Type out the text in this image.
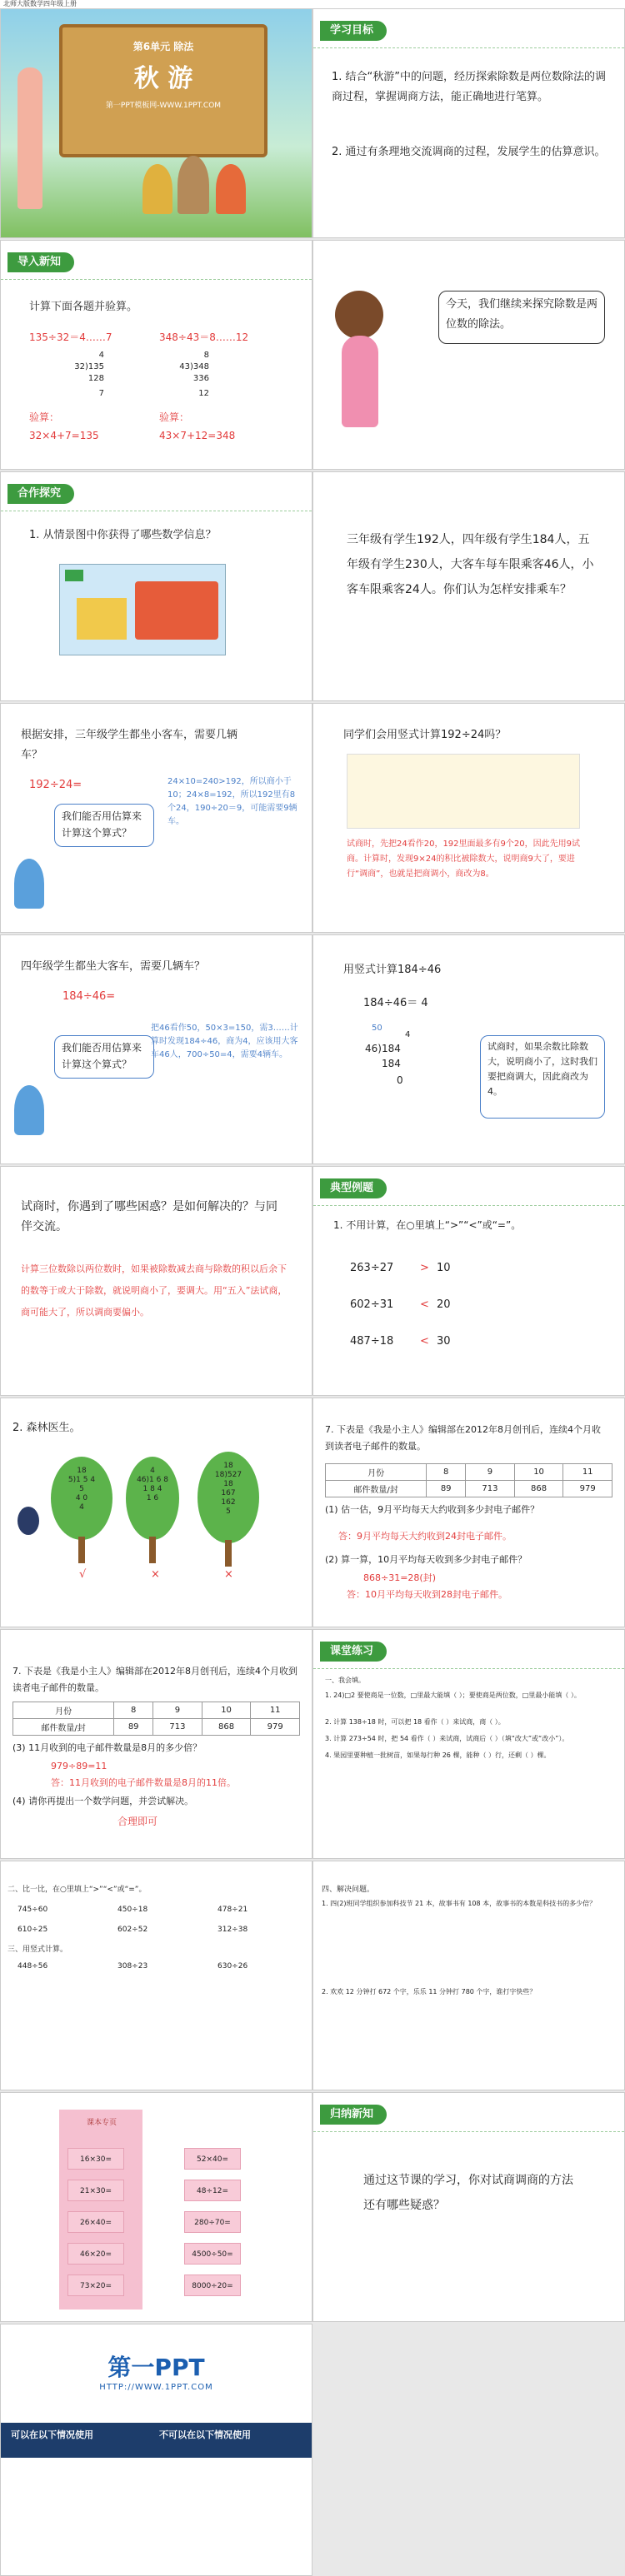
北师大版数学四年级上册
第6单元 除法
秋 游
第一PPT模板网-WWW.1PPT.COM
学习目标
1. 结合“秋游”中的问题，经历探索除数是两位数除法的调商过程，掌握调商方法，能正确地进行笔算。
2. 通过有条理地交流调商的过程，发展学生的估算意识。
导入新知
计算下面各题并验算。
135÷32＝4……7	348÷43＝8……12
4
32)135
128
7
8
43)348
336
12
验算：	验算：
32×4+7=135	43×7+12=348
今天，我们继续来探究除数是两位数的除法。
合作探究
1. 从情景图中你获得了哪些数学信息？	三年级有学生192人，四年级有学生184人，五年级有学生230人，大客车每车限乘客46人，小客车限乘客24人。你们认为怎样安排乘车？
根据安排，三年级学生都坐小客车，需要几辆车？
192÷24=
我们能否用估算来计算这个算式？
24×10=240>192，所以商小于10；24×8=192，所以192里有8个24，190÷20＝9，可能需要9辆车。
同学们会用竖式计算192÷24吗？
试商时，先把24看作20，192里面最多有9个20，因此先用9试商。计算时，发现9×24的积比被除数大，说明商9大了，要进行“调商”，也就是把商调小，商改为8。
四年级学生都坐大客车，需要几辆车？
184÷46=
我们能否用估算来计算这个算式？
把46看作50，50×3=150，需3……计算时发现184÷46，商为4，应该用大客车46人，700÷50=4，需要4辆车。
用竖式计算184÷46
184÷46＝ 4
50
4
46)184
184
0
试商时，如果余数比除数大，说明商小了，这时我们要把商调大，因此商改为4。
试商时，你遇到了哪些困惑？是如何解决的？与同伴交流。
计算三位数除以两位数时，如果被除数减去商与除数的积以后余下的数等于或大于除数，就说明商小了，要调大。用“五入”法试商，商可能大了，所以调商要偏小。
典型例题
1. 不用计算，在○里填上“>”“<”或“=”。
263÷27 > 10
602÷31 < 20
487÷18 < 30
2. 森林医生。
18
5)1 5 4
5
4 0
4
4
46)1 6 8
1 8 4
1 6
18
18)527
18
167
162
5
√	×	×
7. 下表是《我是小主人》编辑部在2012年8月创刊后，连续4个月收到读者电子邮件的数量。
月份	8	9	10	11
邮件数量/封	89	713	868	979
(1) 估一估，9月平均每天大约收到多少封电子邮件？
答：9月平均每天大约收到24封电子邮件。
(2) 算一算，10月平均每天收到多少封电子邮件？
868÷31=28(封)
答：10月平均每天收到28封电子邮件。
7. 下表是《我是小主人》编辑部在2012年8月创刊后，连续4个月收到读者电子邮件的数量。
月份	8	9	10	11
邮件数量/封	89	713	868	979
(3) 11月收到的电子邮件数量是8月的多少倍？
979÷89=11
答：11月收到的电子邮件数量是8月的11倍。
(4) 请你再提出一个数学问题，并尝试解决。
合理即可
课堂练习
一、我会填。
1. 24)□2 要使商是一位数，□里最大能填（ ）；要使商是两位数，□里最小能填（ ）。
2. 计算 138÷18 时，可以把 18 看作（ ）来试商，商（ ）。
3. 计算 273÷54 时，把 54 看作（ ）来试商，试商后（ ）（填“改大”或“改小”）。
4. 果园里要种植一批树苗，如果每行种 26 棵，能种（ ）行，还剩（ ）棵。
二、比一比，在○里填上“>”“<”或“=”。
745÷60	450÷18	478÷21
610÷25	602÷52	312÷38
三、用竖式计算。
448÷56	308÷23	630÷26
四、解决问题。
1. 四(2)班同学组织参加科技节 21 本，故事书有 108 本，故事书的本数是科技书的多少倍？
2. 欢欢 12 分钟打 672 个字，乐乐 11 分钟打 780 个字，谁打字快些？
课本专页
16×30=	52×40=
21×30=	48÷12=
26×40=	280÷70=
46×20=	4500÷50=
73×20=	8000÷20=
归纳新知
通过这节课的学习，你对试商调商的方法还有哪些疑惑？
第一PPT
HTTP://WWW.1PPT.COM
可以在以下情况使用	不可以在以下情况使用
